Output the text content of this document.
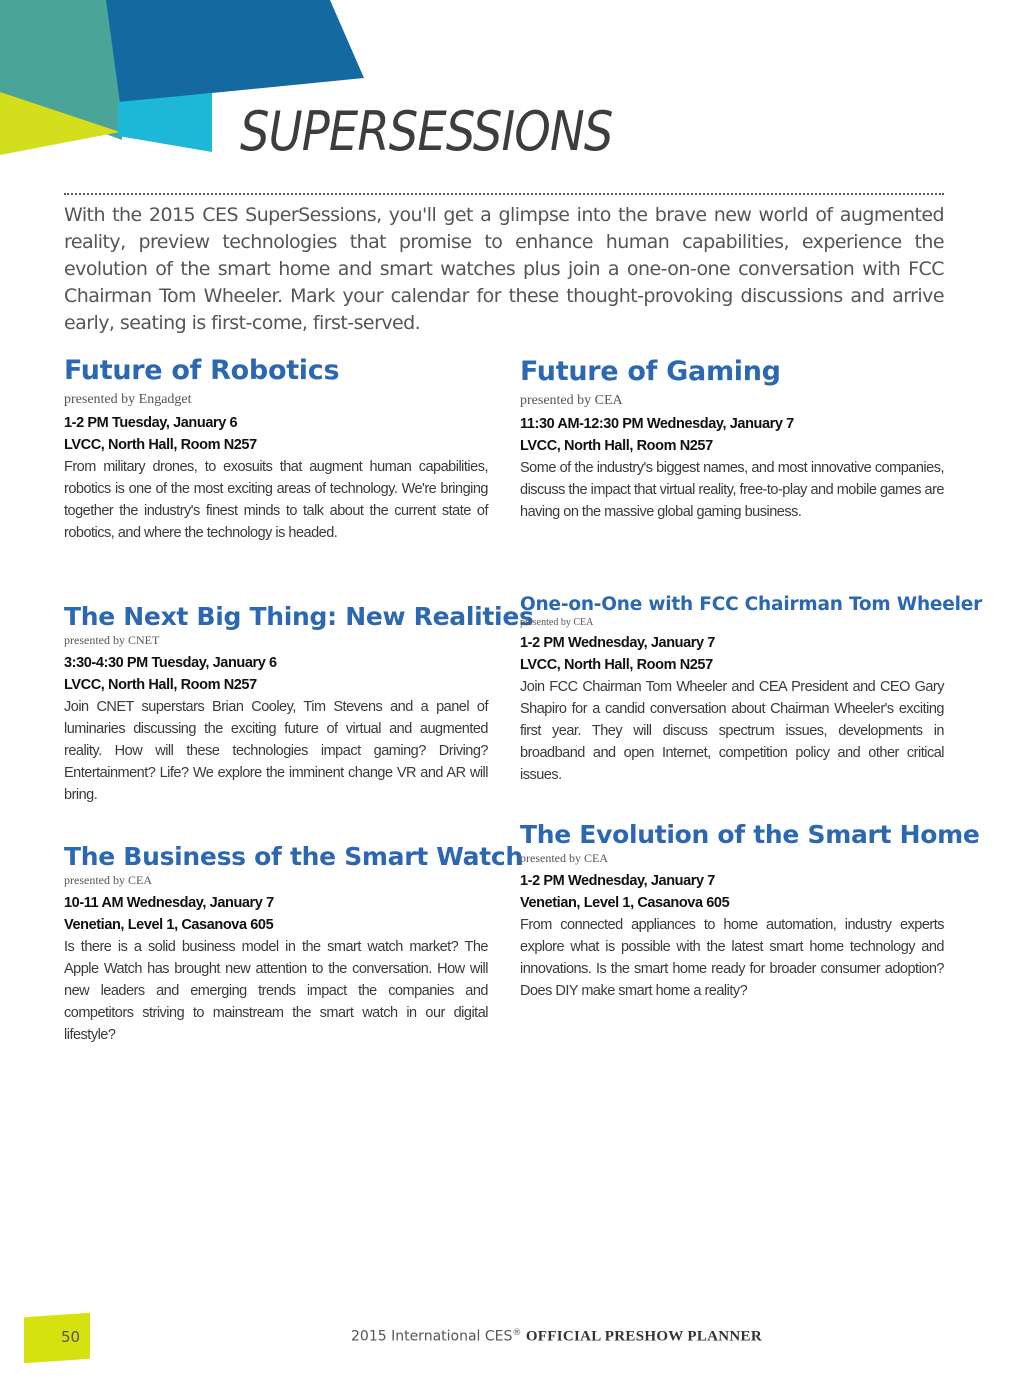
SUPERSESSIONS

With the 2015 CES SuperSessions, you'll get a glimpse into the brave new world of augmented reality, preview technologies that promise to enhance human capabilities, experience the evolution of the smart home and smart watches plus join a one-on-one conversation with FCC Chairman Tom Wheeler. Mark your calendar for these thought-provoking discussions and arrive early, seating is first-come, first-served.

Future of Robotics

presented by Engadget

1-2 PM Tuesday, January 6

LVCC, North Hall, Room N257

From military drones, to exosuits that augment human capabilities, robotics is one of the most exciting areas of technology. We're bringing together the industry's finest minds to talk about the current state of robotics, and where the technology is headed.

Future of Gaming

presented by CEA

11:30 AM-12:30 PM Wednesday, January 7

LVCC, North Hall, Room N257

Some of the industry's biggest names, and most innovative companies, discuss the impact that virtual reality, free-to-play and mobile games are having on the massive global gaming business.

The Next Big Thing: New Realities

presented by CNET

3:30-4:30 PM Tuesday, January 6

LVCC, North Hall, Room N257

Join CNET superstars Brian Cooley, Tim Stevens and a panel of luminaries discussing the exciting future of virtual and augmented reality. How will these technologies impact gaming? Driving? Entertainment? Life? We explore the imminent change VR and AR will bring.

One-on-One with FCC Chairman Tom Wheeler

presented by CEA

1-2 PM Wednesday, January 7

LVCC, North Hall, Room N257

Join FCC Chairman Tom Wheeler and CEA President and CEO Gary Shapiro for a candid conversation about Chairman Wheeler's exciting first year. They will discuss spectrum issues, developments in broadband and open Internet, competition policy and other critical issues.

The Business of the Smart Watch

presented by CEA

10-11 AM Wednesday, January 7

Venetian, Level 1, Casanova 605

Is there is a solid business model in the smart watch market? The Apple Watch has brought new attention to the conversation. How will new leaders and emerging trends impact the companies and competitors striving to mainstream the smart watch in our digital lifestyle?

The Evolution of the Smart Home

presented by CEA

1-2 PM Wednesday, January 7

Venetian, Level 1, Casanova 605

From connected appliances to home automation, industry experts explore what is possible with the latest smart home technology and innovations. Is the smart home ready for broader consumer adoption? Does DIY make smart home a reality?

50	2015 International CES® OFFICIAL PRESHOW PLANNER
